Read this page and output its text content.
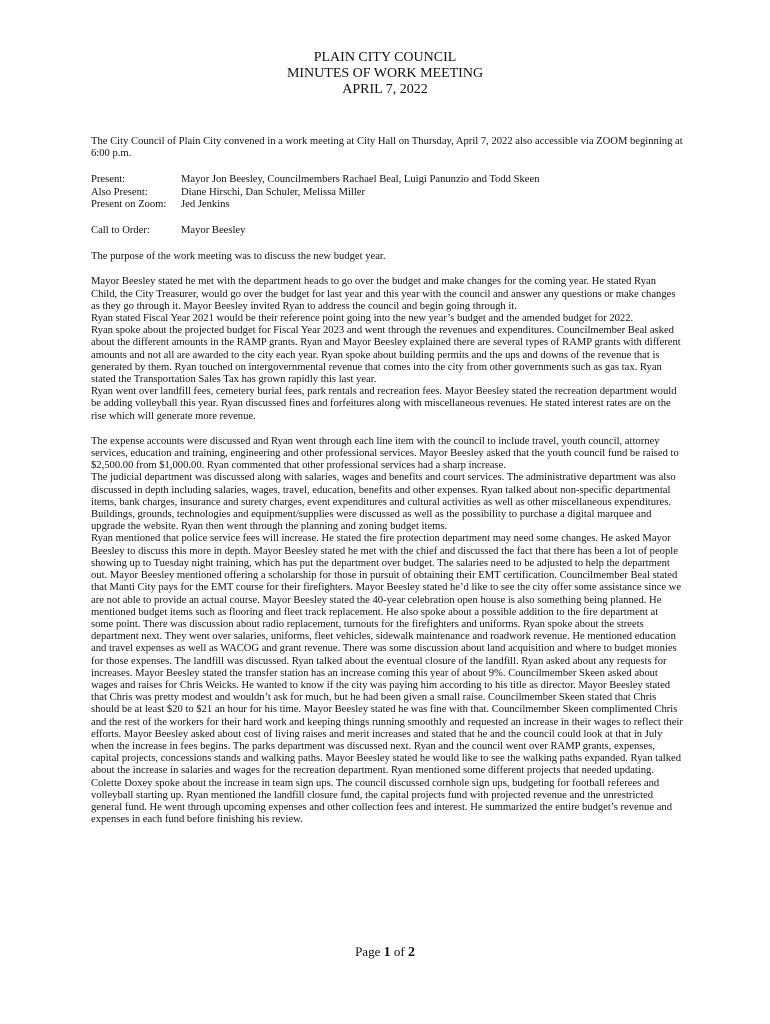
PLAIN CITY COUNCIL
MINUTES OF WORK MEETING
APRIL 7, 2022

The City Council of Plain City convened in a work meeting at City Hall on Thursday, April 7, 2022 also accessible via ZOOM beginning at 6:00 p.m.

Present:	Mayor Jon Beesley, Councilmembers Rachael Beal, Luigi Panunzio and Todd Skeen
Also Present:	Diane Hirschi, Dan Schuler, Melissa Miller
Present on Zoom:	Jed Jenkins
Call to Order:	Mayor Beesley

The purpose of the work meeting was to discuss the new budget year.

Mayor Beesley stated he met with the department heads to go over the budget and make changes for the coming year. He stated Ryan Child, the City Treasurer, would go over the budget for last year and this year with the council and answer any questions or make changes as they go through it. Mayor Beesley invited Ryan to address the council and begin going through it.

Ryan stated Fiscal Year 2021 would be their reference point going into the new year’s budget and the amended budget for 2022.

Ryan spoke about the projected budget for Fiscal Year 2023 and went through the revenues and expenditures. Councilmember Beal asked about the different amounts in the RAMP grants. Ryan and Mayor Beesley explained there are several types of RAMP grants with different amounts and not all are awarded to the city each year. Ryan spoke about building permits and the ups and downs of the revenue that is generated by them. Ryan touched on intergovernmental revenue that comes into the city from other governments such as gas tax. Ryan stated the Transportation Sales Tax has grown rapidly this last year.

Ryan went over landfill fees, cemetery burial fees, park rentals and recreation fees. Mayor Beesley stated the recreation department would be adding volleyball this year. Ryan discussed fines and forfeitures along with miscellaneous revenues. He stated interest rates are on the rise which will generate more revenue.

The expense accounts were discussed and Ryan went through each line item with the council to include travel, youth council, attorney services, education and training, engineering and other professional services. Mayor Beesley asked that the youth council fund be raised to $2,500.00 from $1,000.00. Ryan commented that other professional services had a sharp increase.

The judicial department was discussed along with salaries, wages and benefits and court services. The administrative department was also discussed in depth including salaries, wages, travel, education, benefits and other expenses. Ryan talked about non-specific departmental items, bank charges, insurance and surety charges, event expenditures and cultural activities as well as other miscellaneous expenditures. Buildings, grounds, technologies and equipment/supplies were discussed as well as the possibility to purchase a digital marquee and upgrade the website. Ryan then went through the planning and zoning budget items.

Ryan mentioned that police service fees will increase. He stated the fire protection department may need some changes. He asked Mayor Beesley to discuss this more in depth. Mayor Beesley stated he met with the chief and discussed the fact that there has been a lot of people showing up to Tuesday night training, which has put the department over budget. The salaries need to be adjusted to help the department out. Mayor Beesley mentioned offering a scholarship for those in pursuit of obtaining their EMT certification. Councilmember Beal stated that Manti City pays for the EMT course for their firefighters. Mayor Beesley stated he’d like to see the city offer some assistance since we are not able to provide an actual course. Mayor Beesley stated the 40-year celebration open house is also something being planned. He mentioned budget items such as flooring and fleet track replacement. He also spoke about a possible addition to the fire department at some point. There was discussion about radio replacement, turnouts for the firefighters and uniforms. Ryan spoke about the streets department next. They went over salaries, uniforms, fleet vehicles, sidewalk maintenance and roadwork revenue. He mentioned education and travel expenses as well as WACOG and grant revenue. There was some discussion about land acquisition and where to budget monies for those expenses. The landfill was discussed. Ryan talked about the eventual closure of the landfill. Ryan asked about any requests for increases. Mayor Beesley stated the transfer station has an increase coming this year of about 9%. Councilmember Skeen asked about wages and raises for Chris Weicks. He wanted to know if the city was paying him according to his title as director. Mayor Beesley stated that Chris was pretty modest and wouldn’t ask for much, but he had been given a small raise. Councilmember Skeen stated that Chris should be at least $20 to $21 an hour for his time. Mayor Beesley stated he was fine with that. Councilmember Skeen complimented Chris and the rest of the workers for their hard work and keeping things running smoothly and requested an increase in their wages to reflect their efforts. Mayor Beesley asked about cost of living raises and merit increases and stated that he and the council could look at that in July when the increase in fees begins. The parks department was discussed next. Ryan and the council went over RAMP grants, expenses, capital projects, concessions stands and walking paths. Mayor Beesley stated he would like to see the walking paths expanded. Ryan talked about the increase in salaries and wages for the recreation department. Ryan mentioned some different projects that needed updating. Colette Doxey spoke about the increase in team sign ups. The council discussed cornhole sign ups, budgeting for football referees and volleyball starting up. Ryan mentioned the landfill closure fund, the capital projects fund with projected revenue and the unrestricted general fund. He went through upcoming expenses and other collection fees and interest. He summarized the entire budget’s revenue and expenses in each fund before finishing his review.

Page 1 of 2
